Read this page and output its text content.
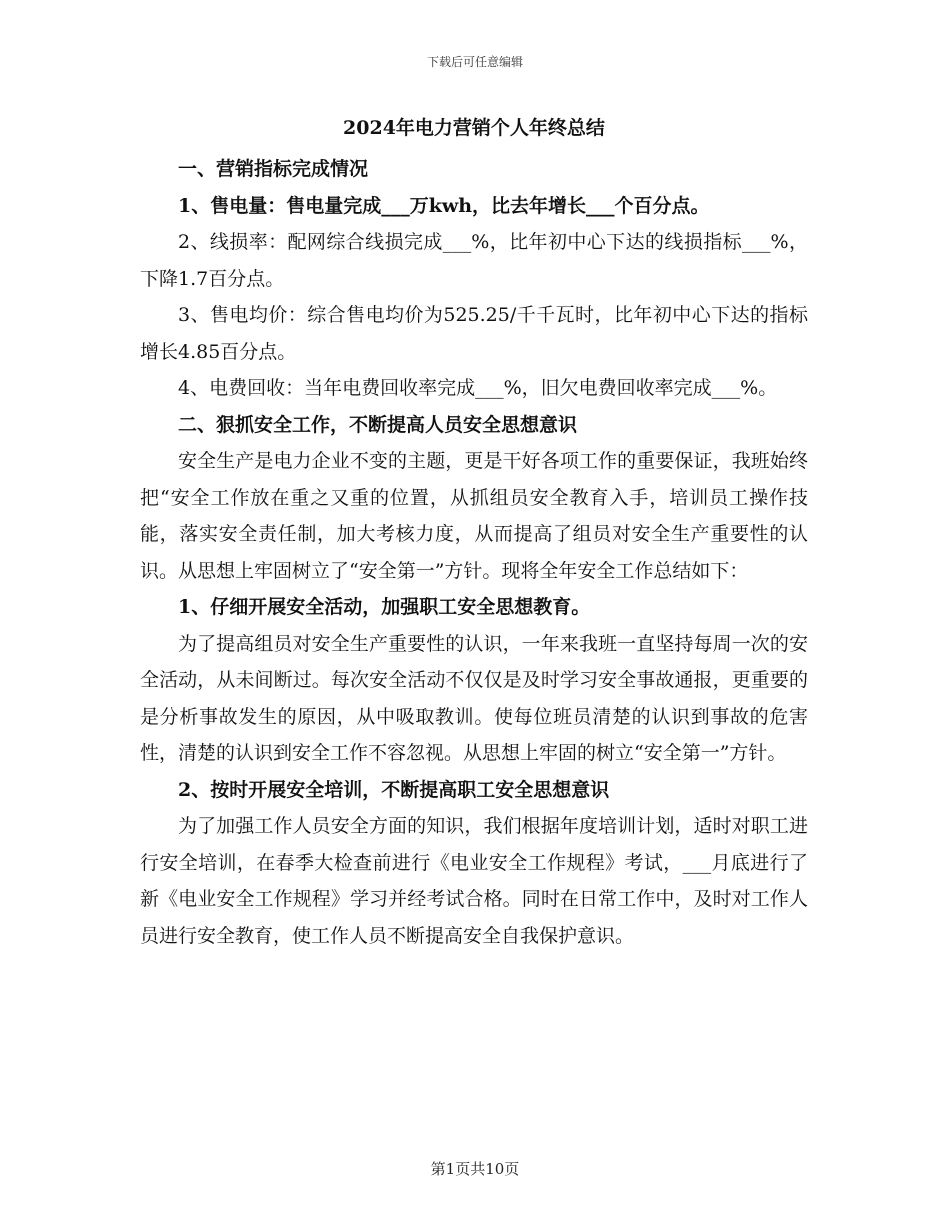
下载后可任意编辑
2024年电力营销个人年终总结

一、营销指标完成情况

1、售电量：售电量完成___万kwh，比去年增长___个百分点。

2、线损率：配网综合线损完成___%，比年初中心下达的线损指标___%，下降1.7百分点。

3、售电均价：综合售电均价为525.25/千千瓦时，比年初中心下达的指标增长4.85百分点。

4、电费回收：当年电费回收率完成___%，旧欠电费回收率完成___%。

二、狠抓安全工作，不断提高人员安全思想意识

安全生产是电力企业不变的主题，更是干好各项工作的重要保证，我班始终把“安全工作放在重之又重的位置，从抓组员安全教育入手，培训员工操作技能，落实安全责任制，加大考核力度，从而提高了组员对安全生产重要性的认识。从思想上牢固树立了“安全第一”方针。现将全年安全工作总结如下：

1、仔细开展安全活动，加强职工安全思想教育。

为了提高组员对安全生产重要性的认识，一年来我班一直坚持每周一次的安全活动，从未间断过。每次安全活动不仅仅是及时学习安全事故通报，更重要的是分析事故发生的原因，从中吸取教训。使每位班员清楚的认识到事故的危害性，清楚的认识到安全工作不容忽视。从思想上牢固的树立“安全第一”方针。

2、按时开展安全培训，不断提高职工安全思想意识

为了加强工作人员安全方面的知识，我们根据年度培训计划，适时对职工进行安全培训，在春季大检查前进行《电业安全工作规程》考试，___月底进行了新《电业安全工作规程》学习并经考试合格。同时在日常工作中，及时对工作人员进行安全教育，使工作人员不断提高安全自我保护意识。

第1页共10页
